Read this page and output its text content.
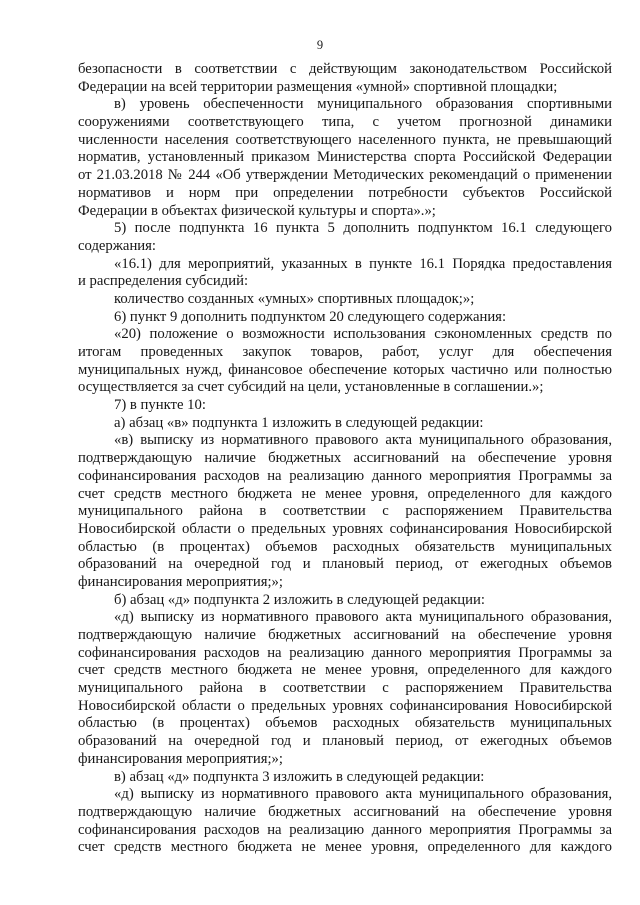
9
безопасности в соответствии с действующим законодательством Российской
Федерации на всей территории размещения «умной» спортивной площадки;
в) уровень обеспеченности муниципального образования спортивными
сооружениями соответствующего типа, с учетом прогнозной динамики
численности населения соответствующего населенного пункта, не превышающий
норматив, установленный приказом Министерства спорта Российской Федерации
от 21.03.2018 № 244 «Об утверждении Методических рекомендаций о применении
нормативов и норм при определении потребности субъектов Российской
Федерации в объектах физической культуры и спорта».»;
5) после подпункта 16 пункта 5 дополнить подпунктом 16.1 следующего
содержания:
«16.1) для мероприятий, указанных в пункте 16.1 Порядка предоставления
и распределения субсидий:
количество созданных «умных» спортивных площадок;»;
6) пункт 9 дополнить подпунктом 20 следующего содержания:
«20) положение о возможности использования сэкономленных средств по
итогам проведенных закупок товаров, работ, услуг для обеспечения
муниципальных нужд, финансовое обеспечение которых частично или полностью
осуществляется за счет субсидий на цели, установленные в соглашении.»;
7) в пункте 10:
а) абзац «в» подпункта 1 изложить в следующей редакции:
«в) выписку из нормативного правового акта муниципального образования,
подтверждающую наличие бюджетных ассигнований на обеспечение уровня
софинансирования расходов на реализацию данного мероприятия Программы за
счет средств местного бюджета не менее уровня, определенного для каждого
муниципального района в соответствии с распоряжением Правительства
Новосибирской области о предельных уровнях софинансирования Новосибирской
областью (в процентах) объемов расходных обязательств муниципальных
образований на очередной год и плановый период, от ежегодных объемов
финансирования мероприятия;»;
б) абзац «д» подпункта 2 изложить в следующей редакции:
«д) выписку из нормативного правового акта муниципального образования,
подтверждающую наличие бюджетных ассигнований на обеспечение уровня
софинансирования расходов на реализацию данного мероприятия Программы за
счет средств местного бюджета не менее уровня, определенного для каждого
муниципального района в соответствии с распоряжением Правительства
Новосибирской области о предельных уровнях софинансирования Новосибирской
областью (в процентах) объемов расходных обязательств муниципальных
образований на очередной год и плановый период, от ежегодных объемов
финансирования мероприятия;»;
в) абзац «д» подпункта 3 изложить в следующей редакции:
«д) выписку из нормативного правового акта муниципального образования,
подтверждающую наличие бюджетных ассигнований на обеспечение уровня
софинансирования расходов на реализацию данного мероприятия Программы за
счет средств местного бюджета не менее уровня, определенного для каждого
